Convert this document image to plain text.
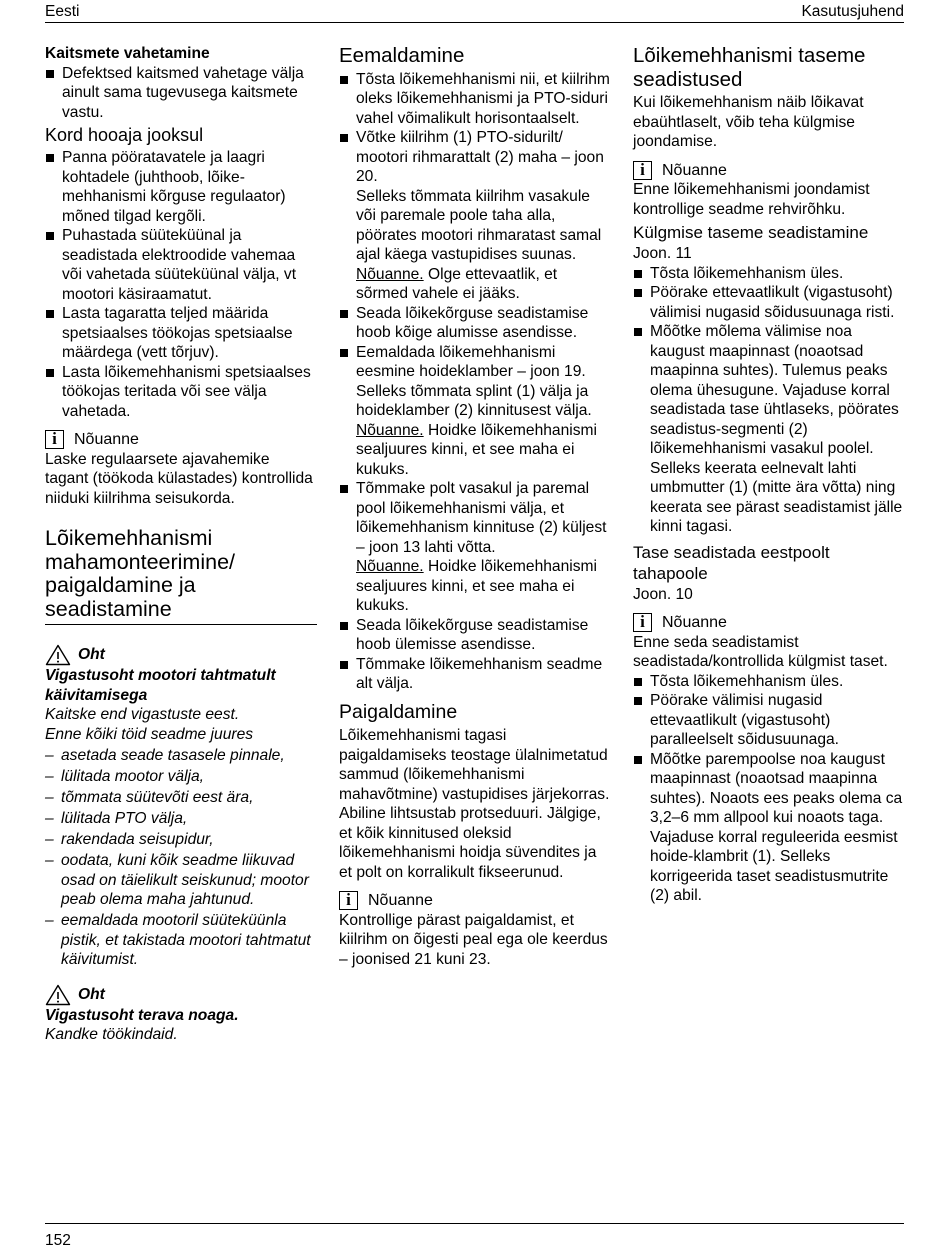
Eesti	Kasutusjuhend

Kaitsmete vahetamine

Defektsed kaitsmed vahetage välja ainult sama tugevusega kaitsmete vastu.

Kord hooaja jooksul

Panna pööratavatele ja laagri kohtadele (juhthoob, lõike-mehhanismi kõrguse regulaator) mõned tilgad kergõli.
Puhastada süüteküünal ja seadistada elektroodide vahemaa või vahetada süüteküünal välja, vt mootori käsiraamatut.
Lasta tagaratta teljed määrida spetsiaalses töökojas spetsiaalse määrdega (vett tõrjuv).
Lasta lõikemehhanismi spetsiaalses töökojas teritada või see välja vahetada.
i	Nõuanne

Laske regulaarsete ajavahemike tagant (töökoda külastades) kontrollida niiduki kiilrihma seisukorda.

Lõikemehhanismi mahamonteerimine/ paigaldamine ja seadistamine

Oht

Vigastusoht mootori tahtmatult käivitamisega

Kaitske end vigastuste eest.

Enne kõiki töid seadme juures

– asetada seade tasasele pinnale,
– lülitada mootor välja,
– tõmmata süütevõti eest ära,
– lülitada PTO välja,
– rakendada seisupidur,
– oodata, kuni kõik seadme liikuvad osad on täielikult seiskunud; mootor peab olema maha jahtunud.
– eemaldada mootoril süüteküünla pistik, et takistada mootori tahtmatut käivitumist.
Oht

Vigastusoht terava noaga.

Kandke töökindaid.

Eemaldamine

Tõsta lõikemehhanismi nii, et kiilrihm oleks lõikemehhanismi ja PTO-siduri vahel võimalikult horisontaalselt.
Võtke kiilrihm (1) PTO-sidurilt/ mootori rihmarattalt (2) maha – joon 20.
Selleks tõmmata kiilrihm vasakule või paremale poole taha alla, pöörates mootori rihmaratast samal ajal käega vastupidises suunas.
Nõuanne. Olge ettevaatlik, et sõrmed vahele ei jääks.
Seada lõikekõrguse seadistamise hoob kõige alumisse asendisse.
Eemaldada lõikemehhanismi eesmine hoideklamber – joon 19.
Selleks tõmmata splint (1) välja ja hoideklamber (2) kinnitusest välja.
Nõuanne. Hoidke lõikemehhanismi sealjuures kinni, et see maha ei kukuks.
Tõmmake polt vasakul ja paremal pool lõikemehhanismi välja, et lõikemehhanism kinnituse (2) küljest – joon 13 lahti võtta.
Nõuanne. Hoidke lõikemehhanismi sealjuures kinni, et see maha ei kukuks.
Seada lõikekõrguse seadistamise hoob ülemisse asendisse.
Tõmmake lõikemehhanism seadme alt välja.

Paigaldamine

Lõikemehhanismi tagasi paigaldamiseks teostage ülalnimetatud sammud (lõikemehhanismi mahavõtmine) vastupidises järjekorras. Abiline lihtsustab protseduuri. Jälgige, et kõik kinnitused oleksid lõikemehhanismi hoidja süvendites ja et polt on korralikult fikseerunud.

i	Nõuanne

Kontrollige pärast paigaldamist, et kiilrihm on õigesti peal ega ole keerdus – joonised 21 kuni 23.

Lõikemehhanismi taseme seadistused

Kui lõikemehhanism näib lõikavat ebaühtlaselt, võib teha külgmise joondamise.

i	Nõuanne

Enne lõikemehhanismi joondamist kontrollige seadme rehvirõhku.

Külgmise taseme seadistamine

Joon. 11

Tõsta lõikemehhanism üles.
Pöörake ettevaatlikult (vigastusoht) välimisi nugasid sõidusuunaga risti.
Mõõtke mõlema välimise noa kaugust maapinnast (noaotsad maapinna suhtes). Tulemus peaks olema ühesugune. Vajaduse korral seadistada tase ühtlaseks, pöörates seadistus-segmenti (2) lõikemehhanismi vasakul poolel. Selleks keerata eelnevalt lahti umbmutter (1) (mitte ära võtta) ning keerata see pärast seadistamist jälle kinni tagasi.

Tase seadistada eestpoolt tahapoole

Joon. 10

i	Nõuanne

Enne seda seadistamist seadistada/kontrollida külgmist taset.

Tõsta lõikemehhanism üles.
Pöörake välimisi nugasid ettevaatlikult (vigastusoht) paralleelselt sõidusuunaga.
Mõõtke parempoolse noa kaugust maapinnast (noaotsad maapinna suhtes). Noaots ees peaks olema ca 3,2–6 mm allpool kui noaots taga. Vajaduse korral reguleerida eesmist hoide-klambrit (1). Selleks korrigeerida taset seadistusmutrite (2) abil.
152
